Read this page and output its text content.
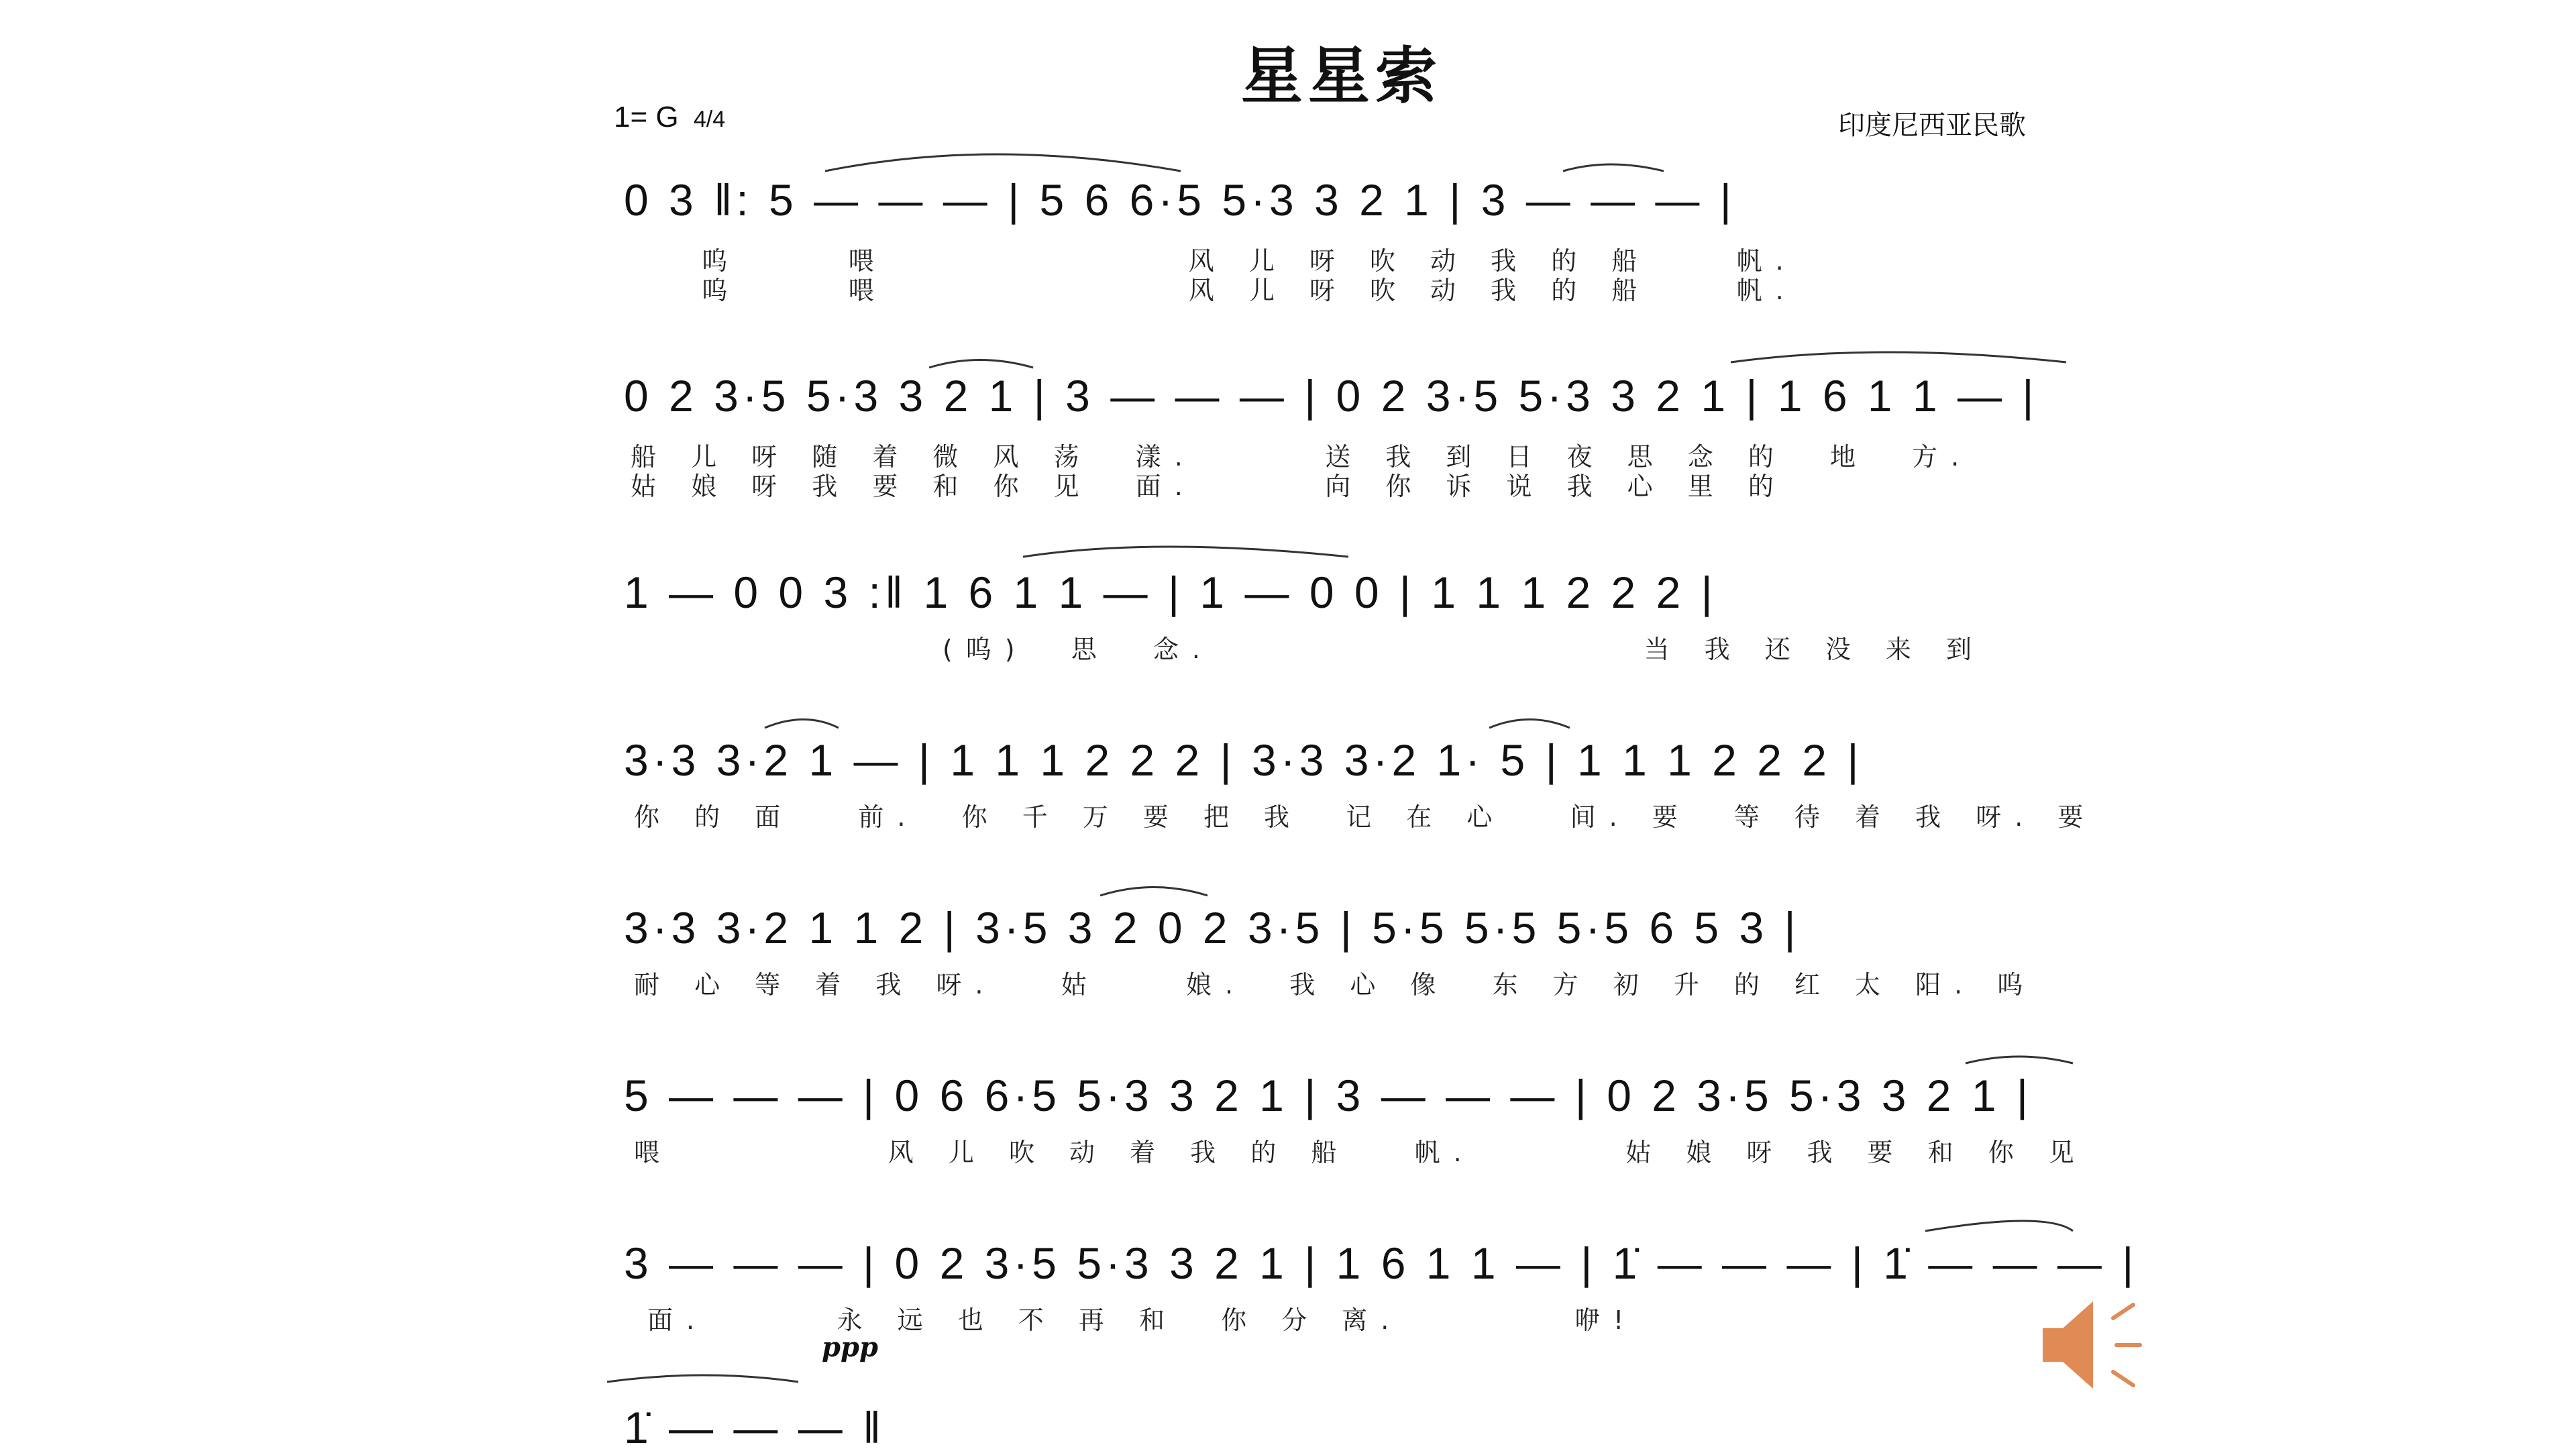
星星索
1= G 4/4	印度尼西亚民歌
0 3 ‖: 5 — — — | 5 6 6·5 5·3 3 2 1 | 3 — — — |
呜     喂              风 儿 呀 吹 动 我 的 船    帆.
呜     喂              风 儿 呀 吹 动 我 的 船    帆.
0 2 3·5 5·3 3 2 1 | 3 — — — | 0 2 3·5 5·3 3 2 1 | 1 6 1 1 — |
船 儿 呀 随 着 微 风 荡  漾.      送 我 到 日 夜 思 念 的  地  方.
姑 娘 呀 我 要 和 你 见  面.      向 你 诉 说 我 心 里 的
1 — 0 0 3 :‖ 1 6 1 1 — | 1 — 0 0 | 1 1 1 2 2 2 |
(呜)  思  念.                    当 我 还 没 来 到
3·3 3·2 1 — | 1 1 1 2 2 2 | 3·3 3·2 1· 5 | 1 1 1 2 2 2 |
你 的 面   前.  你 千 万 要 把 我  记 在 心   间. 要  等 待 着 我 呀. 要
3·3 3·2 1 1 2 | 3·5 3 2 0 2 3·5 | 5·5 5·5 5·5 6 5 3 |
耐 心 等 着 我 呀.   姑    娘.  我 心 像  东 方 初 升 的 红 太 阳. 呜
5 — — — | 0 6 6·5 5·3 3 2 1 | 3 — — — | 0 2 3·5 5·3 3 2 1 |
喂          风 儿 吹 动 着 我 的 船   帆.       姑 娘 呀 我 要 和 你 见
3 — — — | 0 2 3·5 5·3 3 2 1 | 1 6 1 1 — | 1̇ — — — | 1̇ — — — |
面.      永 远 也 不 再 和  你 分 离.        咿!
ppp
1̇ — — — ‖
